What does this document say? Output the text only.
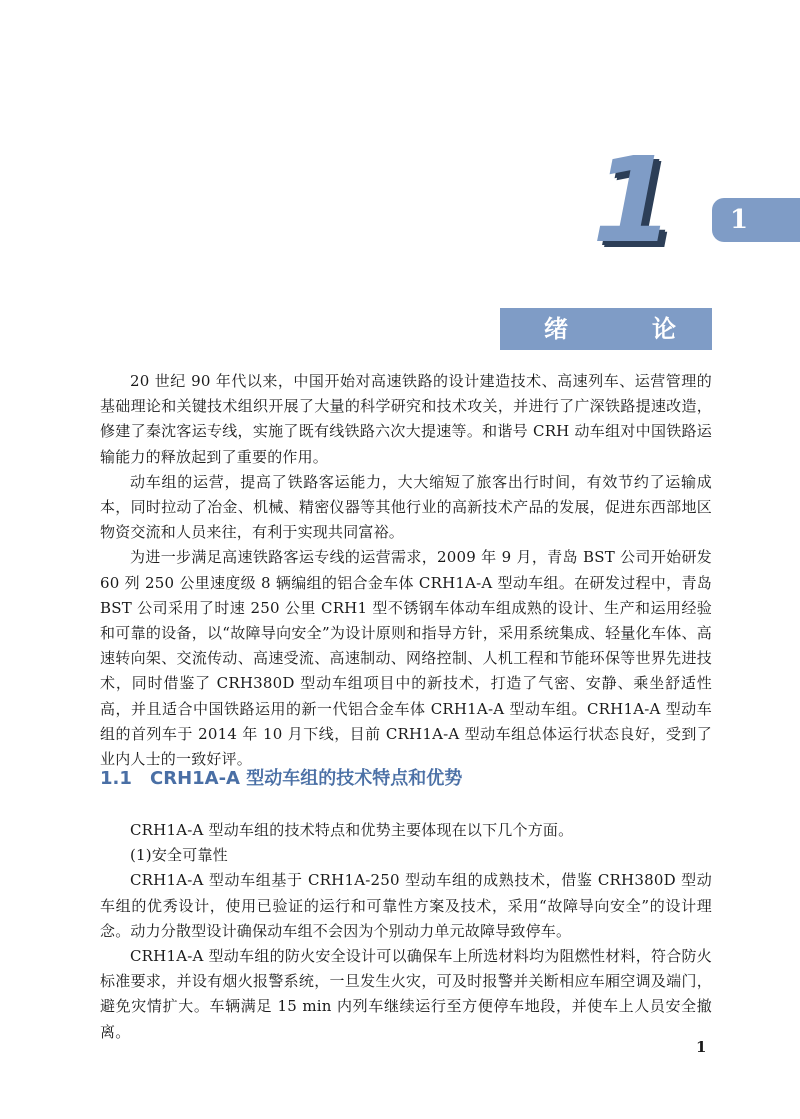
1	1
绪	论

20 世纪 90 年代以来，中国开始对高速铁路的设计建造技术、高速列车、运营管理的基础理论和关键技术组织开展了大量的科学研究和技术攻关，并进行了广深铁路提速改造，修建了秦沈客运专线，实施了既有线铁路六次大提速等。和谐号 CRH 动车组对中国铁路运输能力的释放起到了重要的作用。

动车组的运营，提高了铁路客运能力，大大缩短了旅客出行时间，有效节约了运输成本，同时拉动了冶金、机械、精密仪器等其他行业的高新技术产品的发展，促进东西部地区物资交流和人员来往，有利于实现共同富裕。

为进一步满足高速铁路客运专线的运营需求，2009 年 9 月，青岛 BST 公司开始研发 60 列 250 公里速度级 8 辆编组的铝合金车体 CRH1A-A 型动车组。在研发过程中，青岛 BST 公司采用了时速 250 公里 CRH1 型不锈钢车体动车组成熟的设计、生产和运用经验和可靠的设备，以“故障导向安全”为设计原则和指导方针，采用系统集成、轻量化车体、高速转向架、交流传动、高速受流、高速制动、网络控制、人机工程和节能环保等世界先进技术，同时借鉴了 CRH380D 型动车组项目中的新技术，打造了气密、安静、乘坐舒适性高，并且适合中国铁路运用的新一代铝合金车体 CRH1A-A 型动车组。CRH1A-A 型动车组的首列车于 2014 年 10 月下线，目前 CRH1A-A 型动车组总体运行状态良好，受到了业内人士的一致好评。

1.1 CRH1A-A 型动车组的技术特点和优势

CRH1A-A 型动车组的技术特点和优势主要体现在以下几个方面。

(1)安全可靠性

CRH1A-A 型动车组基于 CRH1A-250 型动车组的成熟技术，借鉴 CRH380D 型动车组的优秀设计，使用已验证的运行和可靠性方案及技术，采用“故障导向安全”的设计理念。动力分散型设计确保动车组不会因为个别动力单元故障导致停车。

CRH1A-A 型动车组的防火安全设计可以确保车上所选材料均为阻燃性材料，符合防火标准要求，并设有烟火报警系统，一旦发生火灾，可及时报警并关断相应车厢空调及端门，避免灾情扩大。车辆满足 15 min 内列车继续运行至方便停车地段，并使车上人员安全撤离。

1
